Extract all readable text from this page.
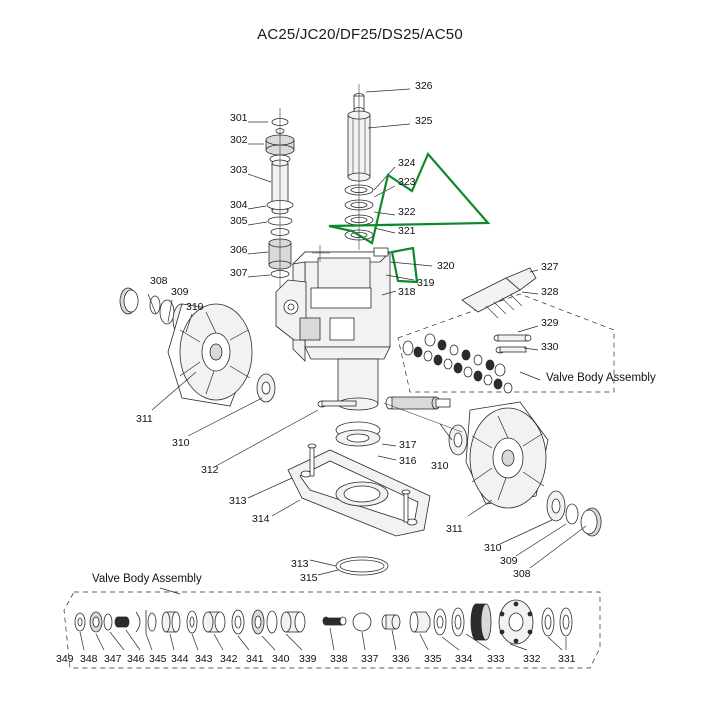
AC25/JC20/DF25/DS25/AC50
Valve Body Assembly
Valve Body Assembly
301
302
303
304
305
306
307
308
309
310
311
310
312
313
314
313
315
316
317
310
311
310
309
308
318
319
320
321
322
323
324
325
326
327
328
329
330
331
332
333
334
335
336
337
338
339
340
341
342
343
344
345
346
347
348
349
